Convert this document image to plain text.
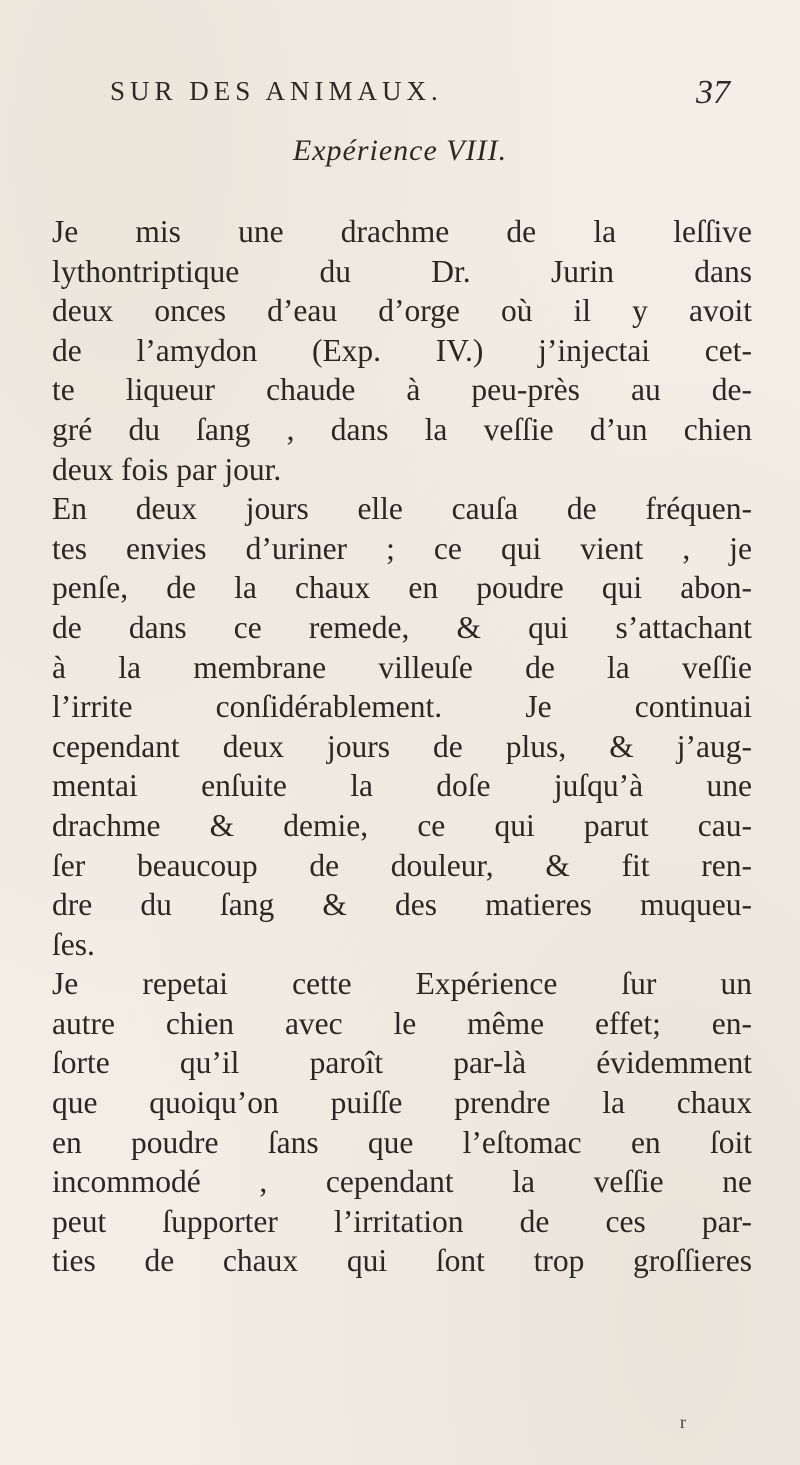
SUR DES ANIMAUX.	37
Expérience VIII.
Je mis une drachme de la leſſive
lythontriptique du Dr. Jurin dans
deux onces d’eau d’orge où il y avoit
de l’amydon (Exp. IV.) j’injectai cet-
te liqueur chaude à peu-près au de-
gré du ſang , dans la veſſie d’un chien
deux fois par jour.
En deux jours elle cauſa de fréquen-
tes envies d’uriner ; ce qui vient , je
penſe, de la chaux en poudre qui abon-
de dans ce remede, & qui s’attachant
à la membrane villeuſe de la veſſie
l’irrite conſidérablement. Je continuai
cependant deux jours de plus, & j’aug-
mentai enſuite la doſe juſqu’à une
drachme & demie, ce qui parut cau-
ſer beaucoup de douleur, & fit ren-
dre du ſang & des matieres muqueu-
ſes.
Je repetai cette Expérience ſur un
autre chien avec le même effet; en-
ſorte qu’il paroît par-là évidemment
que quoiqu’on puiſſe prendre la chaux
en poudre ſans que l’eſtomac en ſoit
incommodé , cependant la veſſie ne
peut ſupporter l’irritation de ces par-
ties de chaux qui ſont trop groſſieres
r
